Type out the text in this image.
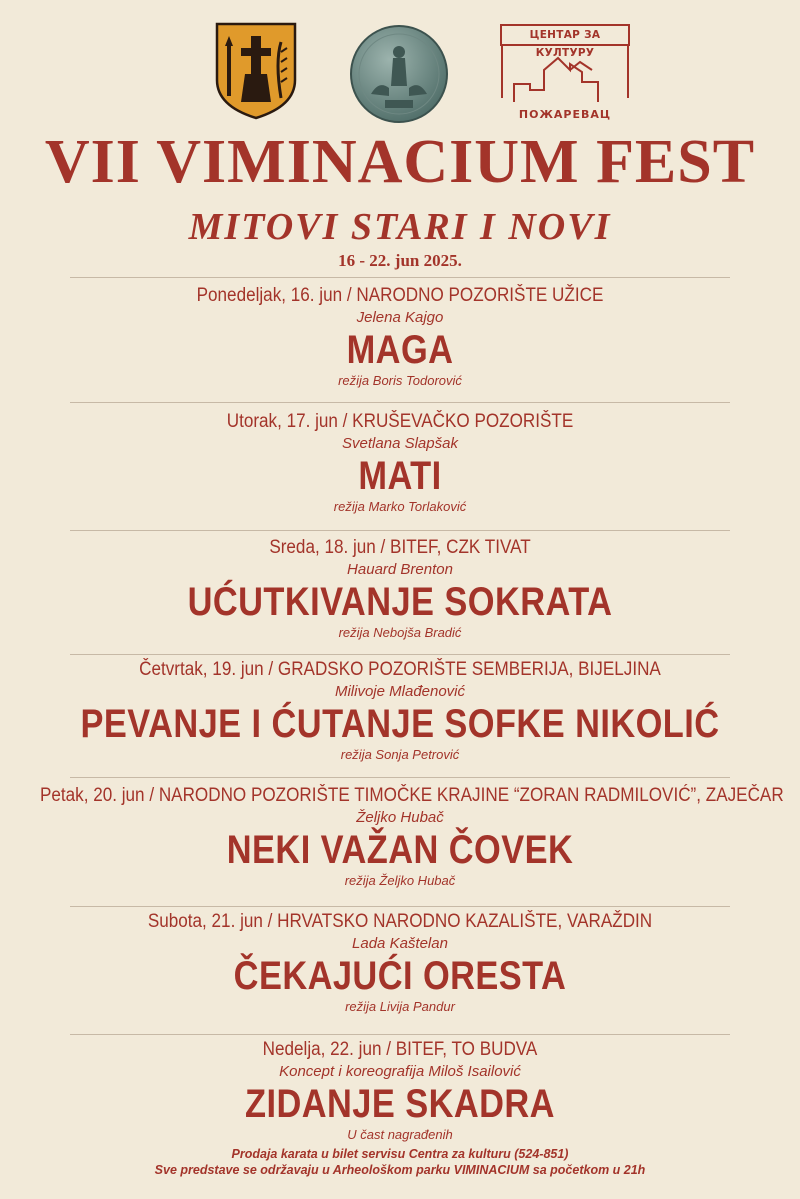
ЦЕНТАР ЗА КУЛТУРУ
ПОЖАРЕВАЦ
VII VIMINACIUM FEST
MITOVI STARI I NOVI
16 - 22. jun 2025.
Ponedeljak, 16. jun / NARODNO POZORIŠTE UŽICE
Jelena Kajgo
MAGA
režija Boris Todorović
Utorak, 17. jun / KRUŠEVAČKO POZORIŠTE
Svetlana Slapšak
MATI
režija Marko Torlaković
Sreda, 18. jun / BITEF, CZK TIVAT
Hauard Brenton
UĆUTKIVANJE SOKRATA
režija Nebojša Bradić
Četvrtak, 19. jun / GRADSKO POZORIŠTE SEMBERIJA, BIJELJINA
Milivoje Mlađenović
PEVANJE I ĆUTANJE SOFKE NIKOLIĆ
režija Sonja Petrović
Petak, 20. jun / NARODNO POZORIŠTE TIMOČKE KRAJINE “ZORAN RADMILOVIĆ”, ZAJEČAR
Željko Hubač
NEKI VAŽAN ČOVEK
režija Željko Hubač
Subota, 21. jun / HRVATSKO NARODNO KAZALIŠTE, VARAŽDIN
Lada Kaštelan
ČEKAJUĆI ORESTA
režija Livija Pandur
Nedelja, 22. jun / BITEF, TO BUDVA
Koncept i koreografija Miloš Isailović
ZIDANJE SKADRA
U čast nagrađenih
Prodaja karata u bilet servisu Centra za kulturu (524-851)
Sve predstave se održavaju u Arheološkom parku VIMINACIUM sa početkom u 21h
